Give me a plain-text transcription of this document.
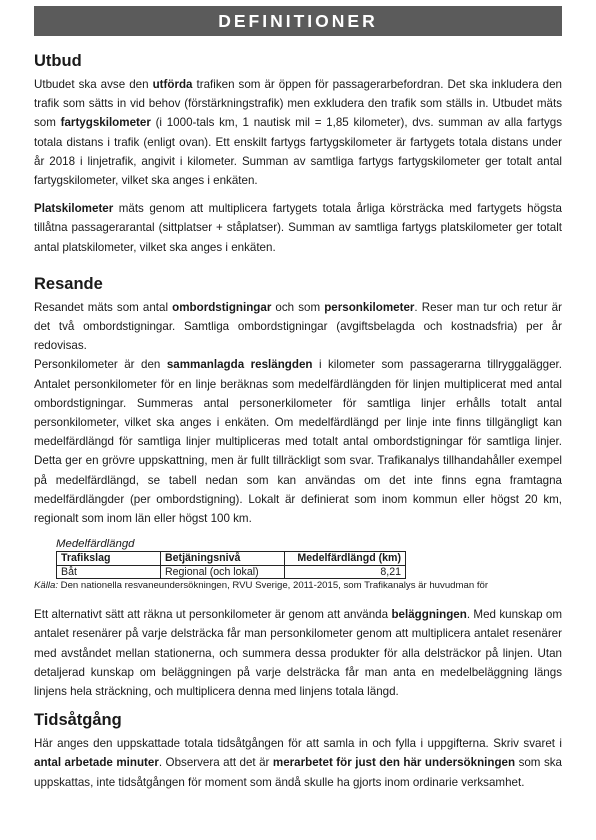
DEFINITIONER
Utbud

Utbudet ska avse den utförda trafiken som är öppen för passagerarbefordran. Det ska inkludera den trafik som sätts in vid behov (förstärkningstrafik) men exkludera den trafik som ställs in. Utbudet mäts som fartygskilometer (i 1000-tals km, 1 nautisk mil = 1,85 kilometer), dvs. summan av alla fartygs totala distans i trafik (enligt ovan). Ett enskilt fartygs fartygskilometer är fartygets totala distans under år 2018 i linjetrafik, angivit i kilometer. Summan av samtliga fartygs fartygskilometer ger totalt antal fartygskilometer, vilket ska anges i enkäten.

Platskilometer mäts genom att multiplicera fartygets totala årliga körsträcka med fartygets högsta tillåtna passagerarantal (sittplatser + ståplatser). Summan av samtliga fartygs platskilometer ger totalt antal platskilometer, vilket ska anges i enkäten.

Resande

Resandet mäts som antal ombordstigningar och som personkilometer. Reser man tur och retur är det två ombordstigningar. Samtliga ombordstigningar (avgiftsbelagda och kostnadsfria) per år redovisas.

Personkilometer är den sammanlagda reslängden i kilometer som passagerarna tillryggalägger. Antalet personkilometer för en linje beräknas som medelfärdlängden för linjen multiplicerat med antal ombordstigningar. Summeras antal personerkilometer för samtliga linjer erhålls totalt antal personkilometer, vilket ska anges i enkäten. Om medelfärdlängd per linje inte finns tillgängligt kan medelfärdlängd för samtliga linjer multipliceras med totalt antal ombordstigningar för samtliga linjer. Detta ger en grövre uppskattning, men är fullt tillräckligt som svar. Trafikanalys tillhandahåller exempel på medelfärdlängd, se tabell nedan som kan användas om det inte finns egna framtagna medelfärdlängder (per ombordstigning). Lokalt är definierat som inom kommun eller högst 20 km, regionalt som inom län eller högst 100 km.

Medelfärdlängd
Trafikslag	Betjäningsnivå	Medelfärdlängd (km)
Båt	Regional (och lokal)	8,21
Källa: Den nationella resvaneundersökningen, RVU Sverige, 2011-2015, som Trafikanalys är huvudman för

Ett alternativt sätt att räkna ut personkilometer är genom att använda beläggningen. Med kunskap om antalet resenärer på varje delsträcka får man personkilometer genom att multiplicera antalet resenärer med avståndet mellan stationerna, och summera dessa produkter för alla delsträckor på linjen. Utan detaljerad kunskap om beläggningen på varje delsträcka får man anta en medelbeläggning längs linjens hela sträckning, och multiplicera denna med linjens totala längd.

Tidsåtgång

Här anges den uppskattade totala tidsåtgången för att samla in och fylla i uppgifterna. Skriv svaret i antal arbetade minuter. Observera att det är merarbetet för just den här undersökningen som ska uppskattas, inte tidsåtgången för moment som ändå skulle ha gjorts inom ordinarie verksamhet.
